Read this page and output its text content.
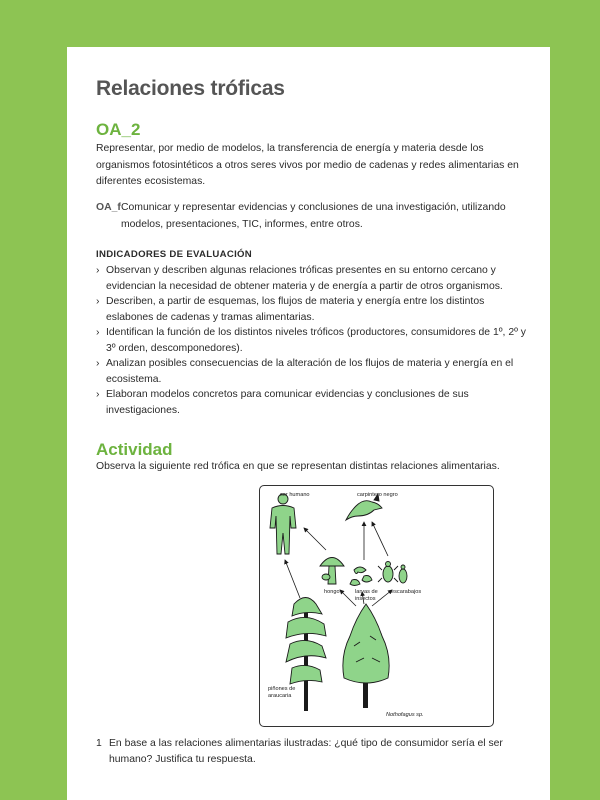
Relaciones tróficas
OA_2

Representar, por medio de modelos, la transferencia de energía y materia desde los organismos fotosintéticos a otros seres vivos por medio de cadenas y redes alimentarias en diferentes ecosistemas.

OA_f Comunicar y representar evidencias y conclusiones de una investigación, utilizando modelos, presentaciones, TIC, informes, entre otros.
INDICADORES DE EVALUACIÓN
› Observan y describen algunas relaciones tróficas presentes en su entorno cercano y evidencian la necesidad de obtener materia y de energía a partir de otros organismos.
› Describen, a partir de esquemas, los flujos de materia y energía entre los distintos eslabones de cadenas y tramas alimentarias.
› Identifican la función de los distintos niveles tróficos (productores, consumidores de 1º, 2º y 3º orden, descomponedores).
› Analizan posibles consecuencias de la alteración de los flujos de materia y energía en el ecosistema.
› Elaboran modelos concretos para comunicar evidencias y conclusiones de sus investigaciones.
Actividad
Observa la siguiente red trófica en que se representan distintas relaciones alimentarias.
ser humano	carpintero negro
hongo	larvas de insectos
escarabajos
piñones de araucaria
Nothofagus sp.
1 En base a las relaciones alimentarias ilustradas: ¿qué tipo de consumidor sería el ser humano? Justifica tu respuesta.
